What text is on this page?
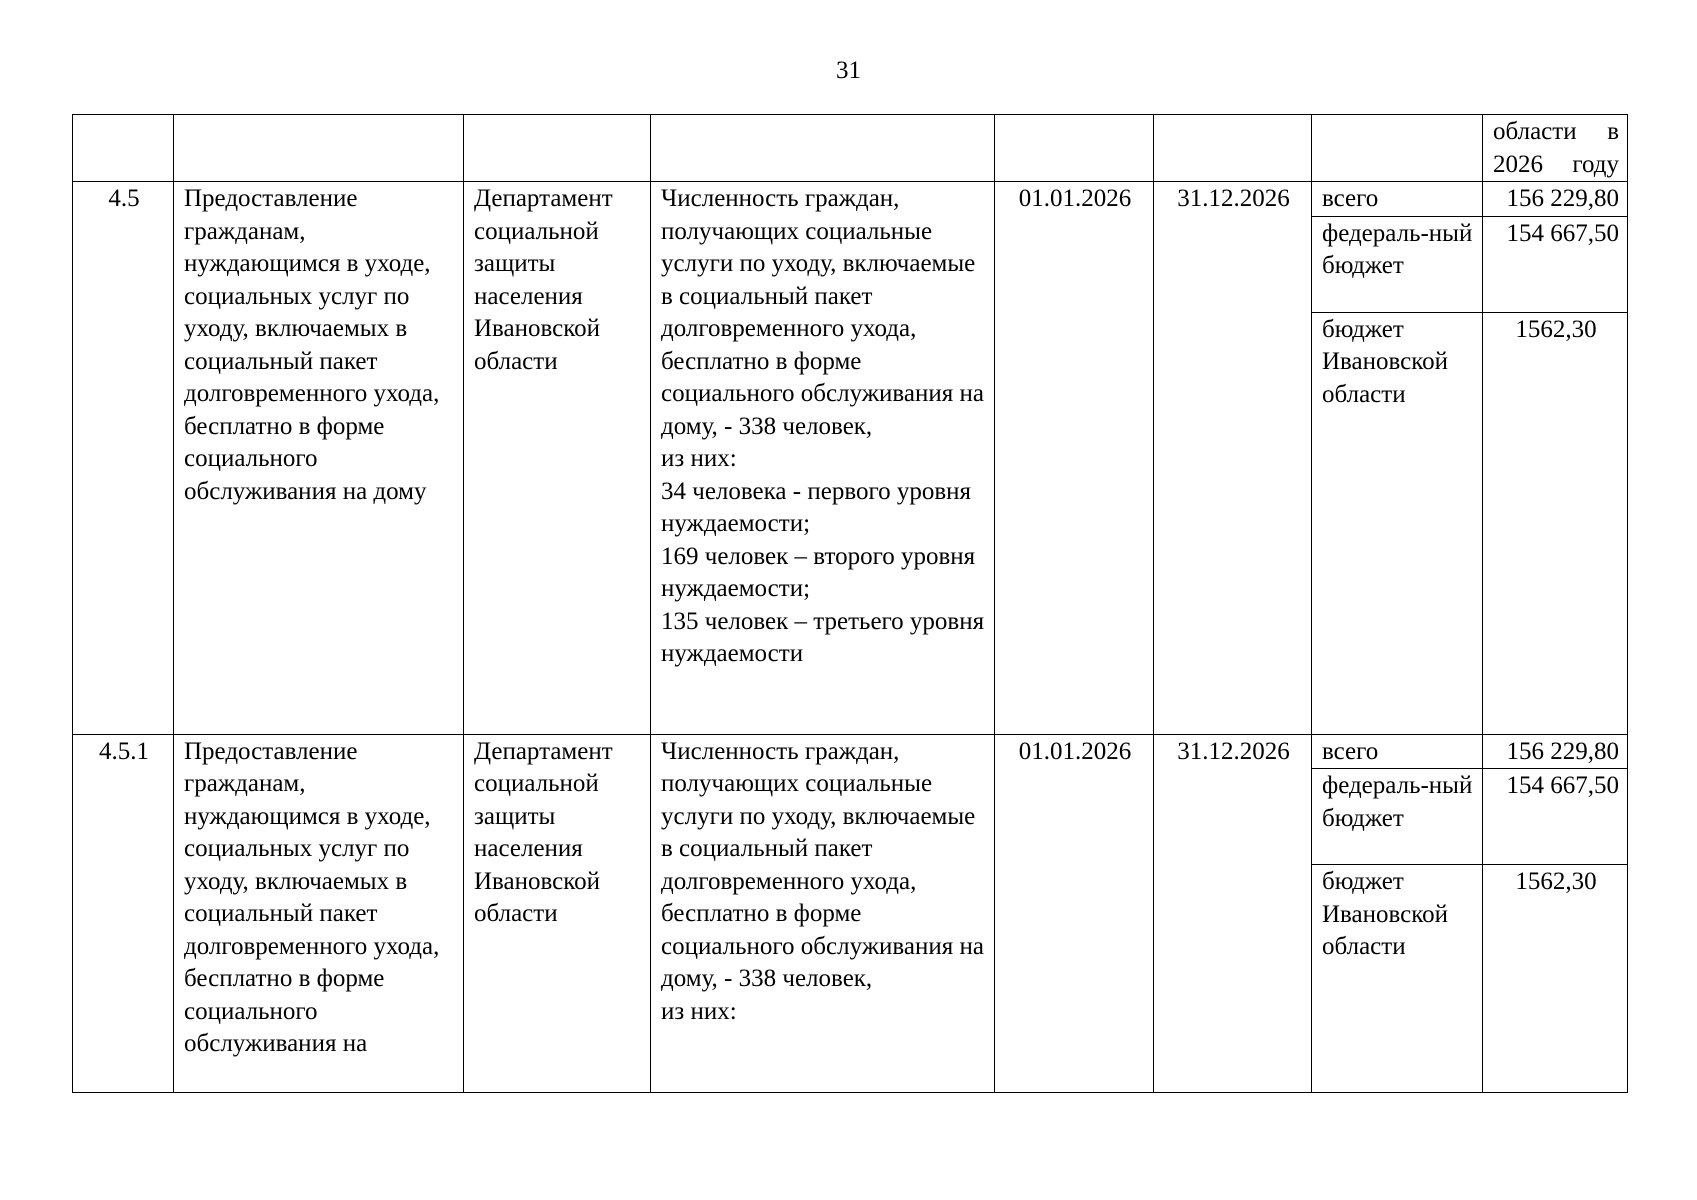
31
							области в 2026 году
4.5	Предоставление гражданам, нуждающимся в уходе, социальных услуг по уходу, включаемых в социальный пакет долговременного ухода, бесплатно в форме социального обслуживания на дому	Департамент социальной защиты населения Ивановской области	Численность граждан, получающих социальные услуги по уходу, включаемые в социальный пакет долговременного ухода, бесплатно в форме социального обслуживания на дому, - 338 человек,
из них:
34 человека - первого уровня нуждаемости;
169 человек – второго уровня нуждаемости;
135 человек – третьего уровня нуждаемости	01.01.2026	31.12.2026	всего	156 229,80
						федераль-ный бюджет	154 667,50
						бюджет Ивановской области	1562,30
4.5.1	Предоставление гражданам, нуждающимся в уходе, социальных услуг по уходу, включаемых в социальный пакет долговременного ухода, бесплатно в форме социального обслуживания на	Департамент социальной защиты населения Ивановской области	Численность граждан, получающих социальные услуги по уходу, включаемые в социальный пакет долговременного ухода, бесплатно в форме социального обслуживания на дому, - 338 человек,
из них:	01.01.2026	31.12.2026	всего	156 229,80
						федераль-ный бюджет	154 667,50
						бюджет Ивановской области	1562,30
